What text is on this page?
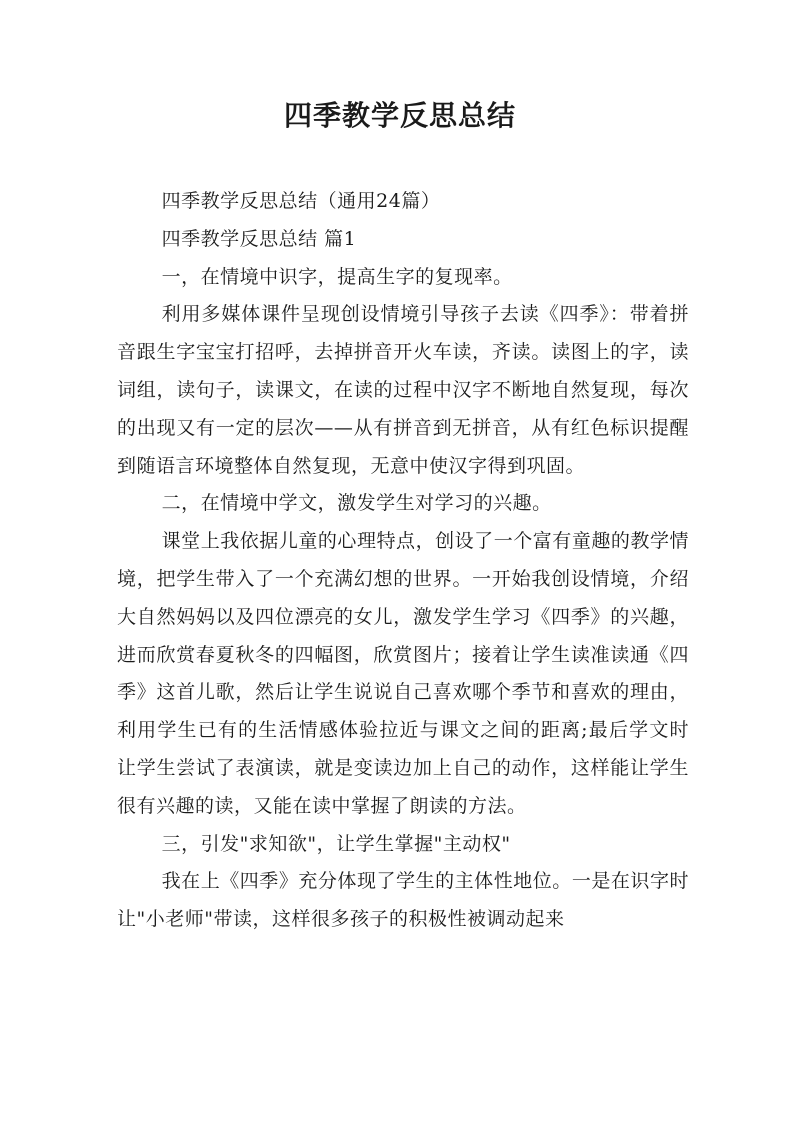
四季教学反思总结

四季教学反思总结（通用24篇）

四季教学反思总结 篇1

一，在情境中识字，提高生字的复现率。

利用多媒体课件呈现创设情境引导孩子去读《四季》：带着拼音跟生字宝宝打招呼，去掉拼音开火车读，齐读。读图上的字，读词组，读句子，读课文，在读的过程中汉字不断地自然复现，每次的出现又有一定的层次——从有拼音到无拼音，从有红色标识提醒到随语言环境整体自然复现，无意中使汉字得到巩固。

二，在情境中学文，激发学生对学习的兴趣。

课堂上我依据儿童的心理特点，创设了一个富有童趣的教学情境，把学生带入了一个充满幻想的世界。一开始我创设情境，介绍大自然妈妈以及四位漂亮的女儿，激发学生学习《四季》的兴趣，进而欣赏春夏秋冬的四幅图，欣赏图片；接着让学生读准读通《四季》这首儿歌，然后让学生说说自己喜欢哪个季节和喜欢的理由，利用学生已有的生活情感体验拉近与课文之间的距离;最后学文时让学生尝试了表演读，就是变读边加上自己的动作，这样能让学生很有兴趣的读，又能在读中掌握了朗读的方法。

三，引发"求知欲"，让学生掌握"主动权"

我在上《四季》充分体现了学生的主体性地位。一是在识字时让"小老师"带读，这样很多孩子的积极性被调动起来
